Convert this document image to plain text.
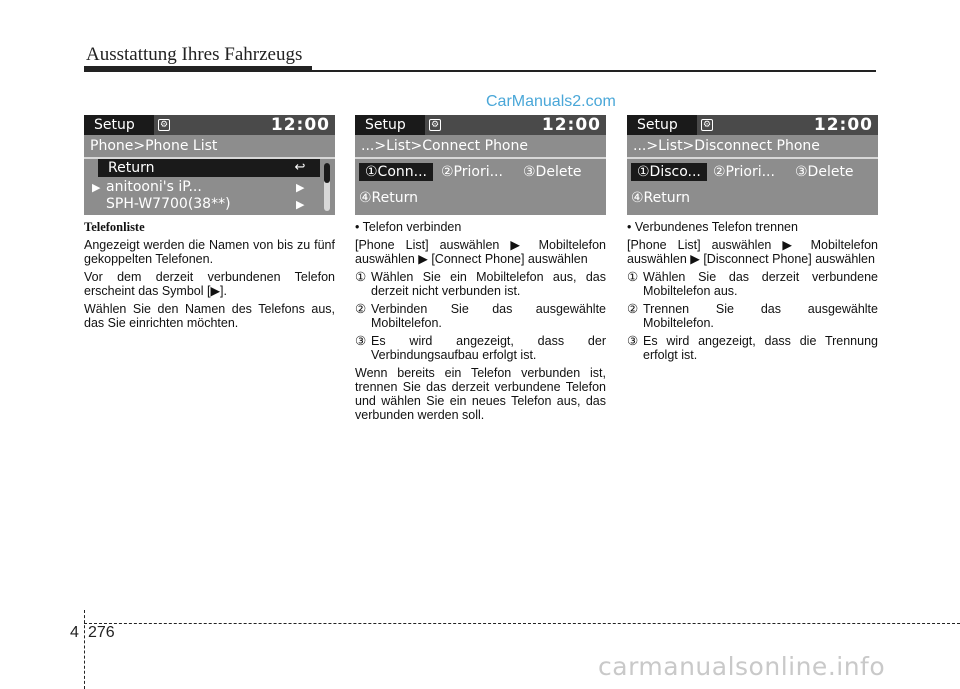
Ausstattung Ihres Fahrzeugs
CarManuals2.com
Setup	⚙	12:00
Phone>Phone List
Return	↩
▶ anitooni's iP...	▶
SPH-W7700(38**)	▶
Setup	⚙	12:00
...>List>Connect Phone
①Conn...	②Priori... ③Delete
④Return
Setup	⚙	12:00
...>List>Disconnect Phone
①Disco... ②Priori... ③Delete
④Return

Telefonliste

Angezeigt werden die Namen von bis zu fünf gekoppelten Telefonen.

Vor dem derzeit verbundenen Telefon erscheint das Symbol [▶].

Wählen Sie den Namen des Telefons aus, das Sie einrichten möchten.

• Telefon verbinden

[Phone List] auswählen ▶ Mobiltelefon auswählen ▶ [Connect Phone] auswählen

① Wählen Sie ein Mobiltelefon aus, das derzeit nicht verbunden ist.
② Verbinden Sie das ausgewählte Mobiltelefon.
③ Es wird angezeigt, dass der Verbindungsaufbau erfolgt ist.

Wenn bereits ein Telefon verbunden ist, trennen Sie das derzeit verbundene Telefon und wählen Sie ein neues Telefon aus, das verbunden werden soll.

• Verbundenes Telefon trennen

[Phone List] auswählen ▶ Mobiltelefon auswählen ▶ [Disconnect Phone] auswählen

① Wählen Sie das derzeit verbundene Mobiltelefon aus.
② Trennen Sie das ausgewählte Mobiltelefon.
③ Es wird angezeigt, dass die Trennung erfolgt ist.
4 276
carmanualsonline.info
